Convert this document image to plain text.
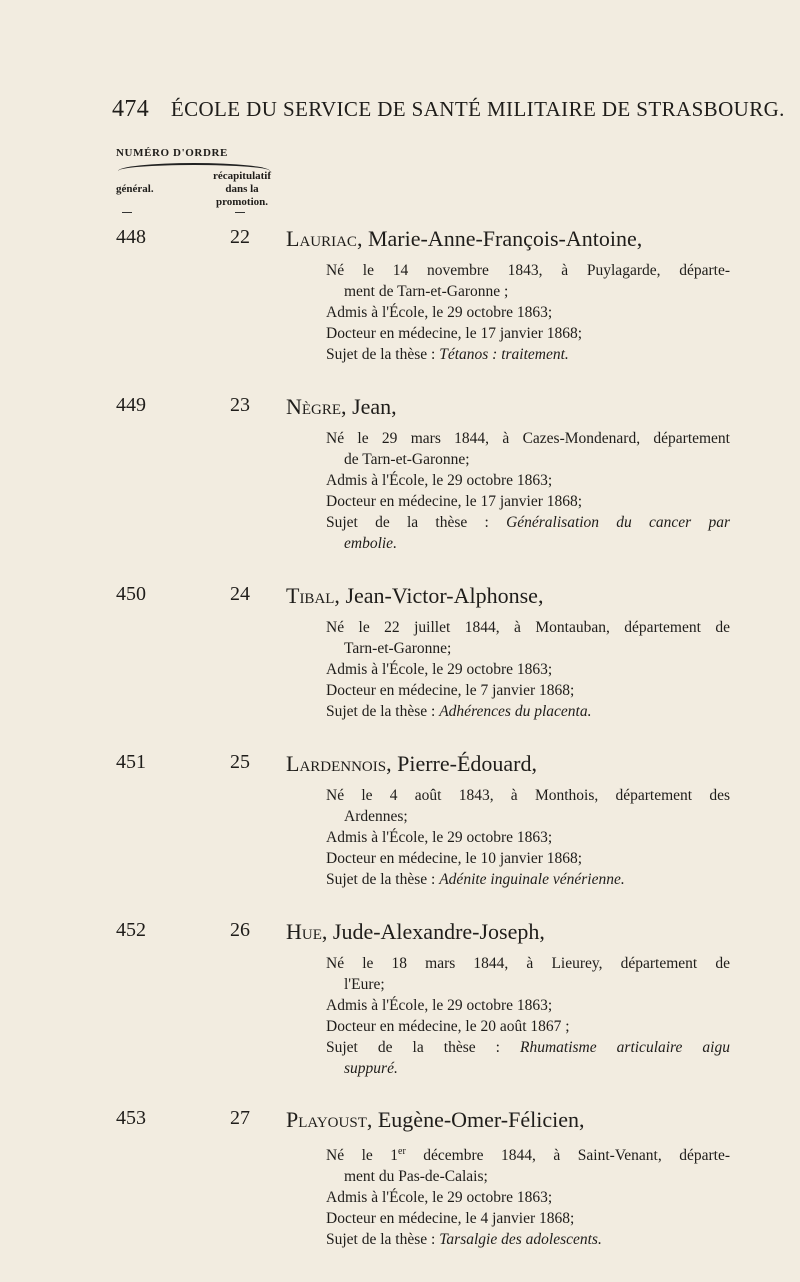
474 ÉCOLE DU SERVICE DE SANTÉ MILITAIRE DE STRASBOURG.
NUMÉRO D'ORDRE
général.
récapitulatif
dans la
promotion.
448	22	Lauriac, Marie-Anne-François-Antoine,
Né le 14 novembre 1843, à Puylagarde, départe-
ment de Tarn-et-Garonne ;
Admis à l'École, le 29 octobre 1863;
Docteur en médecine, le 17 janvier 1868;
Sujet de la thèse : Tétanos : traitement.
449	23	Nègre, Jean,
Né le 29 mars 1844, à Cazes-Mondenard, département
de Tarn-et-Garonne;
Admis à l'École, le 29 octobre 1863;
Docteur en médecine, le 17 janvier 1868;
Sujet de la thèse : Généralisation du cancer par
embolie.
450	24	Tibal, Jean-Victor-Alphonse,
Né le 22 juillet 1844, à Montauban, département de
Tarn-et-Garonne;
Admis à l'École, le 29 octobre 1863;
Docteur en médecine, le 7 janvier 1868;
Sujet de la thèse : Adhérences du placenta.
451	25	Lardennois, Pierre-Édouard,
Né le 4 août 1843, à Monthois, département des
Ardennes;
Admis à l'École, le 29 octobre 1863;
Docteur en médecine, le 10 janvier 1868;
Sujet de la thèse : Adénite inguinale vénérienne.
452	26	Hue, Jude-Alexandre-Joseph,
Né le 18 mars 1844, à Lieurey, département de
l'Eure;
Admis à l'École, le 29 octobre 1863;
Docteur en médecine, le 20 août 1867 ;
Sujet de la thèse : Rhumatisme articulaire aigu
suppuré.
453	27	Playoust, Eugène-Omer-Félicien,
Né le 1er décembre 1844, à Saint-Venant, départe-
ment du Pas-de-Calais;
Admis à l'École, le 29 octobre 1863;
Docteur en médecine, le 4 janvier 1868;
Sujet de la thèse : Tarsalgie des adolescents.
